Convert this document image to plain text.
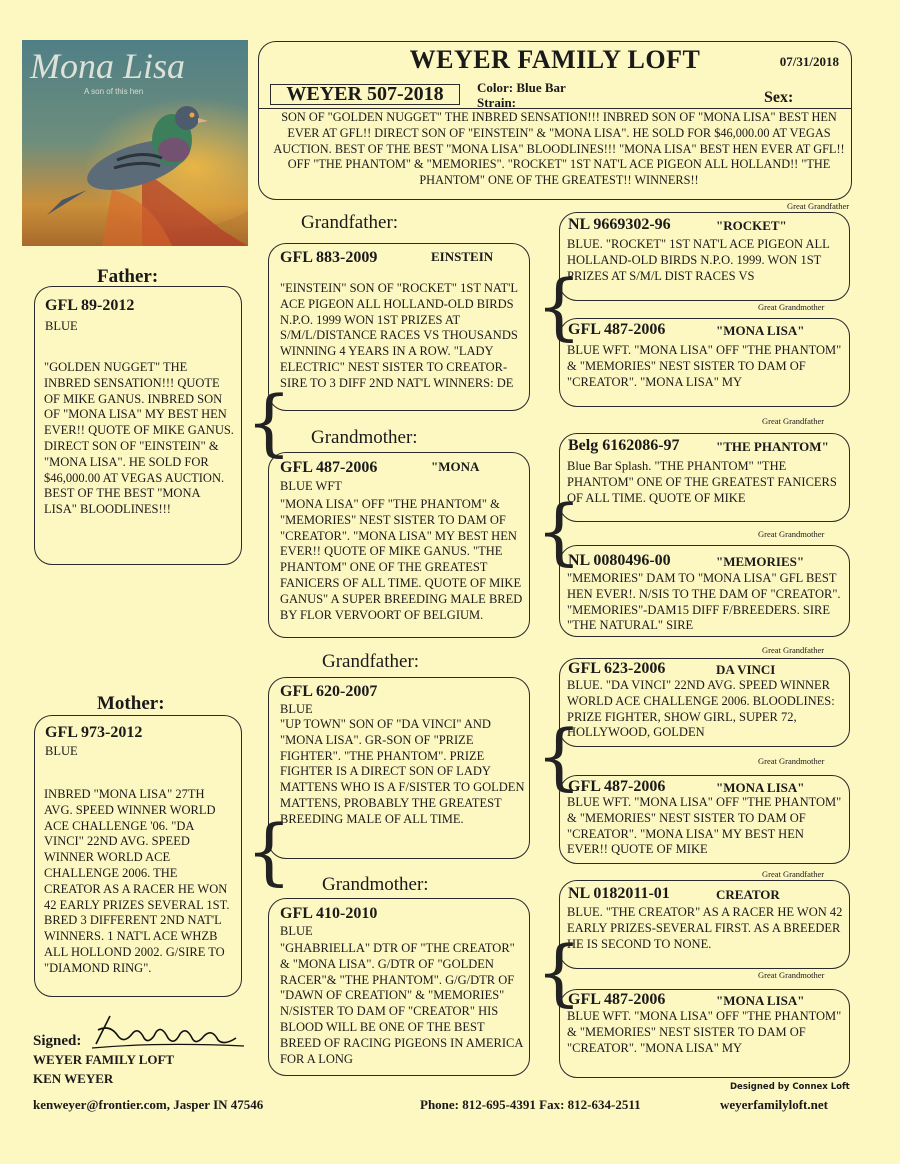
Mona Lisa
A son of this hen
WEYER FAMILY LOFT	07/31/2018
WEYER 507-2018	Color: Blue Bar
Strain:	Sex:
SON OF "GOLDEN NUGGET" THE INBRED SENSATION!!! INBRED SON OF "MONA LISA" BEST HEN EVER AT GFL!! DIRECT SON OF "EINSTEIN" & "MONA LISA". HE SOLD FOR $46,000.00 AT VEGAS AUCTION. BEST OF THE BEST "MONA LISA" BLOODLINES!!! "MONA LISA" BEST HEN EVER AT GFL!! OFF "THE PHANTOM" & "MEMORIES". "ROCKET" 1ST NAT'L ACE PIGEON ALL HOLLAND!! "THE PHANTOM" ONE OF THE GREATEST!! WINNERS!!
Father:
GFL 89-2012
BLUE
"GOLDEN NUGGET" THE INBRED SENSATION!!! QUOTE OF MIKE GANUS. INBRED SON OF "MONA LISA" MY BEST HEN EVER!! QUOTE OF MIKE GANUS. DIRECT SON OF "EINSTEIN" & "MONA LISA". HE SOLD FOR $46,000.00 AT VEGAS AUCTION. BEST OF THE BEST "MONA LISA" BLOODLINES!!!
Mother:
GFL 973-2012
BLUE
INBRED "MONA LISA" 27TH AVG. SPEED WINNER WORLD ACE CHALLENGE '06. "DA VINCI" 22ND AVG. SPEED WINNER WORLD ACE CHALLENGE 2006. THE CREATOR AS A RACER HE WON 42 EARLY PRIZES SEVERAL 1ST. BRED 3 DIFFERENT 2ND NAT'L WINNERS. 1 NAT'L ACE WHZB ALL HOLLOND 2002. G/SIRE TO "DIAMOND RING".
Grandfather:
GFL 883-2009	EINSTEIN
"EINSTEIN" SON OF "ROCKET" 1ST NAT'L ACE PIGEON ALL HOLLAND-OLD BIRDS N.P.O. 1999 WON 1ST PRIZES AT S/M/L/DISTANCE RACES VS THOUSANDS WINNING 4 YEARS IN A ROW. "LADY ELECTRIC" NEST SISTER TO CREATOR-SIRE TO 3 DIFF 2ND NAT'L WINNERS: DE
Grandmother:
GFL 487-2006	"MONA
BLUE WFT
"MONA LISA" OFF "THE PHANTOM" & "MEMORIES" NEST SISTER TO DAM OF "CREATOR". "MONA LISA" MY BEST HEN EVER!! QUOTE OF MIKE GANUS. "THE PHANTOM" ONE OF THE GREATEST FANICERS OF ALL TIME. QUOTE OF MIKE GANUS" A SUPER BREEDING MALE BRED BY FLOR VERVOORT OF BELGIUM.
Grandfather:
GFL 620-2007
BLUE
"UP TOWN" SON OF "DA VINCI" AND "MONA LISA". GR-SON OF "PRIZE FIGHTER". "THE PHANTOM". PRIZE FIGHTER IS A DIRECT SON OF LADY MATTENS WHO IS A F/SISTER TO GOLDEN MATTENS, PROBABLY THE GREATEST BREEDING MALE OF ALL TIME.
Grandmother:
GFL 410-2010
BLUE
"GHABRIELLA" DTR OF "THE CREATOR" & "MONA LISA". G/DTR OF "GOLDEN RACER"& "THE PHANTOM". G/G/DTR OF "DAWN OF CREATION" & "MEMORIES" N/SISTER TO DAM OF "CREATOR" HIS BLOOD WILL BE ONE OF THE BEST BREED OF RACING PIGEONS IN AMERICA FOR A LONG
Great Grandfather
NL 9669302-96	"ROCKET"
BLUE. "ROCKET" 1ST NAT'L ACE PIGEON ALL HOLLAND-OLD BIRDS N.P.O. 1999. WON 1ST PRIZES AT S/M/L DIST RACES VS
Great Grandmother
GFL 487-2006	"MONA LISA"
BLUE WFT. "MONA LISA" OFF "THE PHANTOM" & "MEMORIES" NEST SISTER TO DAM OF "CREATOR". "MONA LISA" MY
Great Grandfather
Belg 6162086-97	"THE PHANTOM"
Blue Bar Splash. "THE PHANTOM" "THE PHANTOM" ONE OF THE GREATEST FANICERS OF ALL TIME. QUOTE OF MIKE
Great Grandmother
NL 0080496-00	"MEMORIES"
"MEMORIES" DAM TO "MONA LISA" GFL BEST HEN EVER!. N/SIS TO THE DAM OF "CREATOR". "MEMORIES"-DAM15 DIFF F/BREEDERS. SIRE "THE NATURAL" SIRE
Great Grandfather
GFL 623-2006	DA VINCI
BLUE. "DA VINCI" 22ND AVG. SPEED WINNER WORLD ACE CHALLENGE 2006. BLOODLINES: PRIZE FIGHTER, SHOW GIRL, SUPER 72, HOLLYWOOD, GOLDEN
Great Grandmother
GFL 487-2006	"MONA LISA"
BLUE WFT. "MONA LISA" OFF "THE PHANTOM" & "MEMORIES" NEST SISTER TO DAM OF "CREATOR". "MONA LISA" MY BEST HEN EVER!! QUOTE OF MIKE
Great Grandfather
NL 0182011-01	CREATOR
BLUE. "THE CREATOR" AS A RACER HE WON 42 EARLY PRIZES-SEVERAL FIRST. AS A BREEDER HE IS SECOND TO NONE.
Great Grandmother
GFL 487-2006	"MONA LISA"
BLUE WFT. "MONA LISA" OFF "THE PHANTOM" & "MEMORIES" NEST SISTER TO DAM OF "CREATOR". "MONA LISA" MY
{
{
{
{
{
{
Signed:
WEYER FAMILY LOFT
KEN WEYER
Designed by Connex Loft
kenweyer@frontier.com, Jasper IN 47546	Phone: 812-695-4391 Fax: 812-634-2511	weyerfamilyloft.net
